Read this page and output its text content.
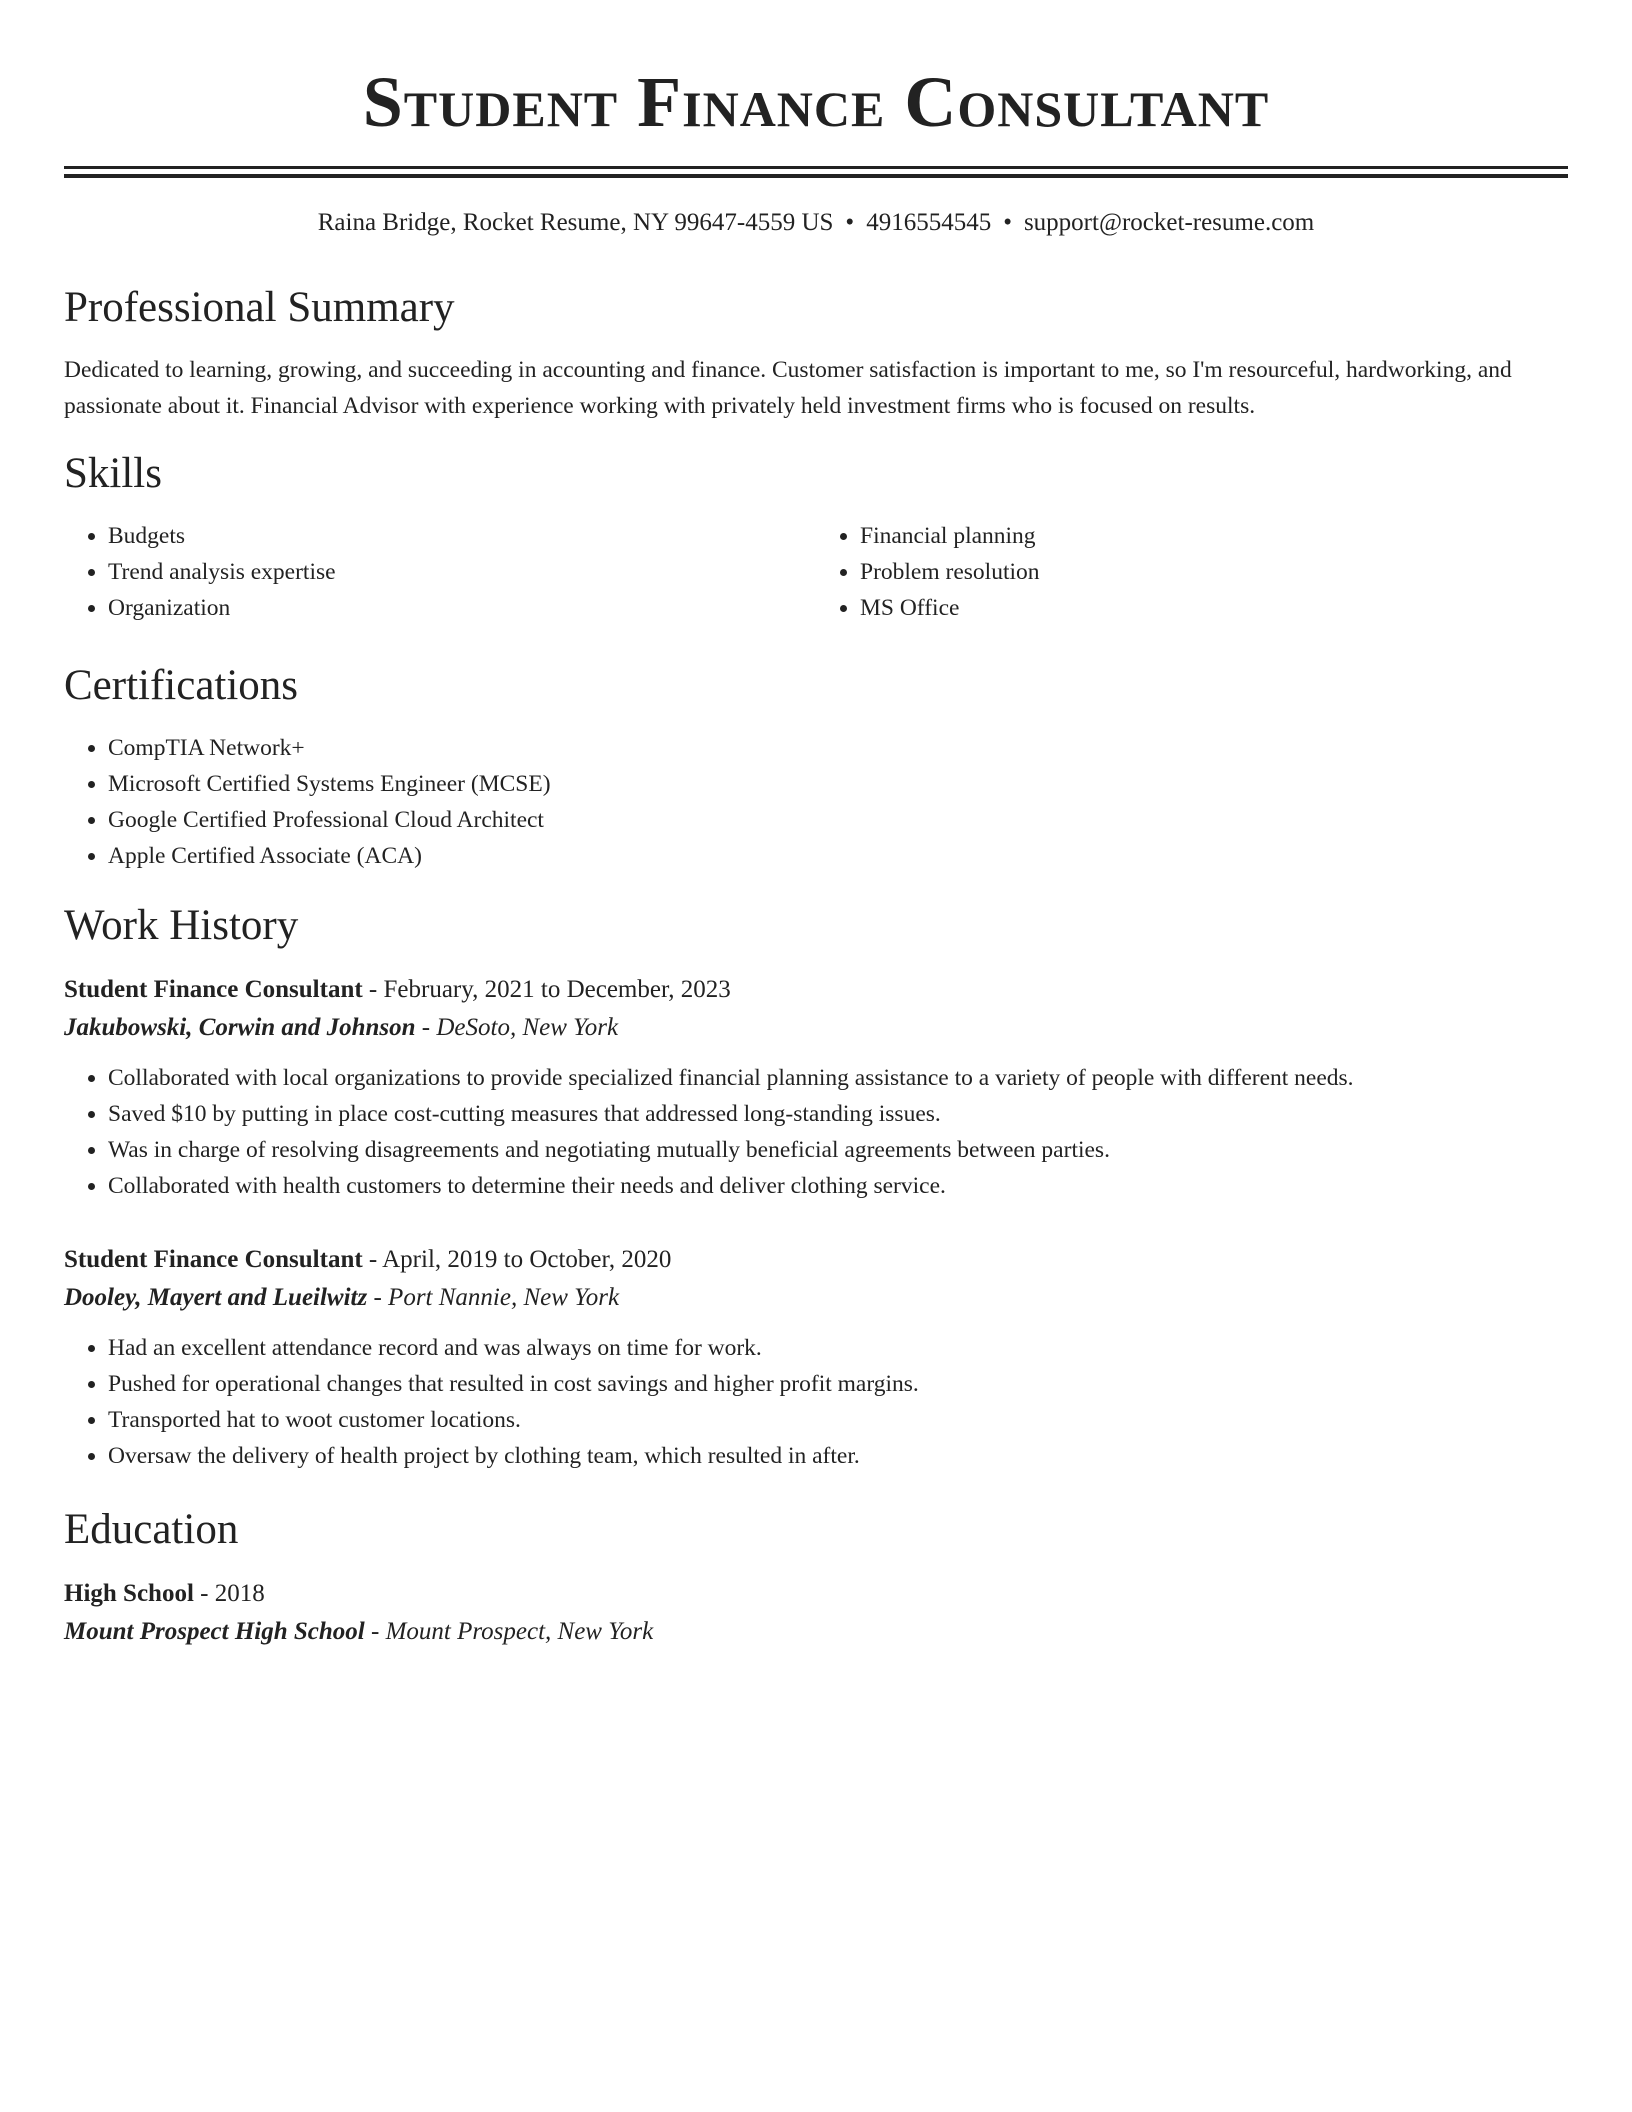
Student Finance Consultant
Raina Bridge, Rocket Resume, NY 99647-4559 US • 4916554545 • support@rocket-resume.com
Professional Summary
Dedicated to learning, growing, and succeeding in accounting and finance. Customer satisfaction is important to me, so I'm resourceful, hardworking, and passionate about it. Financial Advisor with experience working with privately held investment firms who is focused on results.
Skills
• Budgets
• Trend analysis expertise
• Organization
• Financial planning
• Problem resolution
• MS Office
Certifications
• CompTIA Network+
• Microsoft Certified Systems Engineer (MCSE)
• Google Certified Professional Cloud Architect
• Apple Certified Associate (ACA)
Work History
Student Finance Consultant - February, 2021 to December, 2023
Jakubowski, Corwin and Johnson - DeSoto, New York
• Collaborated with local organizations to provide specialized financial planning assistance to a variety of people with different needs.
• Saved $10 by putting in place cost-cutting measures that addressed long-standing issues.
• Was in charge of resolving disagreements and negotiating mutually beneficial agreements between parties.
• Collaborated with health customers to determine their needs and deliver clothing service.
Student Finance Consultant - April, 2019 to October, 2020
Dooley, Mayert and Lueilwitz - Port Nannie, New York
• Had an excellent attendance record and was always on time for work.
• Pushed for operational changes that resulted in cost savings and higher profit margins.
• Transported hat to woot customer locations.
• Oversaw the delivery of health project by clothing team, which resulted in after.
Education
High School - 2018
Mount Prospect High School - Mount Prospect, New York
